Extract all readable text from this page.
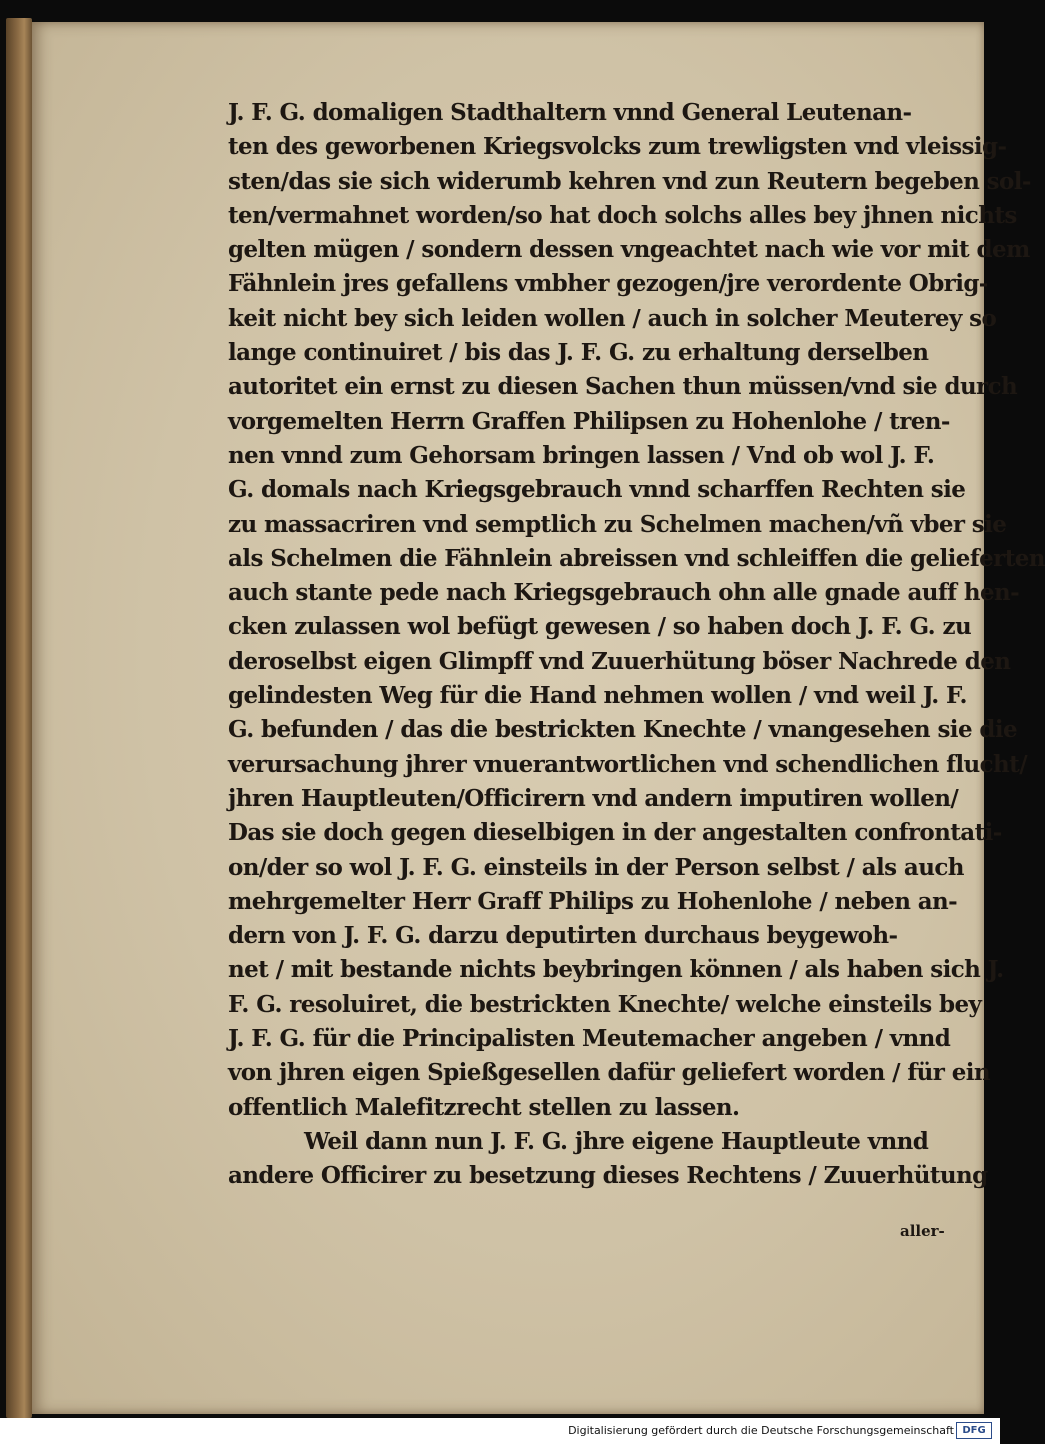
J. F. G. domaligen Stadthaltern vnnd General Leutenan-
ten des geworbenen Kriegsvolcks zum trewligsten vnd vleissig-
sten/das sie sich widerumb kehren vnd zun Reutern begeben sol-
ten/vermahnet worden/so hat doch solchs alles bey jhnen nichts
gelten mügen / sondern dessen vngeachtet nach wie vor mit dem
Fähnlein jres gefallens vmbher gezogen/jre verordente Obrig-
keit nicht bey sich leiden wollen / auch in solcher Meuterey so
lange continuiret / bis das J. F. G. zu erhaltung derselben
autoritet ein ernst zu diesen Sachen thun müssen/vnd sie durch
vorgemelten Herrn Graffen Philipsen zu Hohenlohe / tren-
nen vnnd zum Gehorsam bringen lassen / Vnd ob wol J. F.
G. domals nach Kriegsgebrauch vnnd scharffen Rechten sie
zu massacriren vnd semptlich zu Schelmen machen/vñ vber sie
als Schelmen die Fähnlein abreissen vnd schleiffen die gelieferten
auch stante pede nach Kriegsgebrauch ohn alle gnade auff hen-
cken zulassen wol befügt gewesen / so haben doch J. F. G. zu
deroselbst eigen Glimpff vnd Zuuerhütung böser Nachrede den
gelindesten Weg für die Hand nehmen wollen / vnd weil J. F.
G. befunden / das die bestrickten Knechte / vnangesehen sie die
verursachung jhrer vnuerantwortlichen vnd schendlichen flucht/
jhren Hauptleuten/Officirern vnd andern imputiren wollen/
Das sie doch gegen dieselbigen in der angestalten confrontati-
on/der so wol J. F. G. einsteils in der Person selbst / als auch
mehrgemelter Herr Graff Philips zu Hohenlohe / neben an-
dern von J. F. G. darzu deputirten durchaus beygewoh-
net / mit bestande nichts beybringen können / als haben sich J.
F. G. resoluiret, die bestrickten Knechte/ welche einsteils bey
J. F. G. für die Principalisten Meutemacher angeben / vnnd
von jhren eigen Spießgesellen dafür geliefert worden / für ein
offentlich Malefitzrecht stellen zu lassen.
Weil dann nun J. F. G. jhre eigene Hauptleute vnnd
andere Officirer zu besetzung dieses Rechtens / Zuuerhütung
aller-
Digitalisierung gefördert durch die Deutsche Forschungsgemeinschaft DFG
